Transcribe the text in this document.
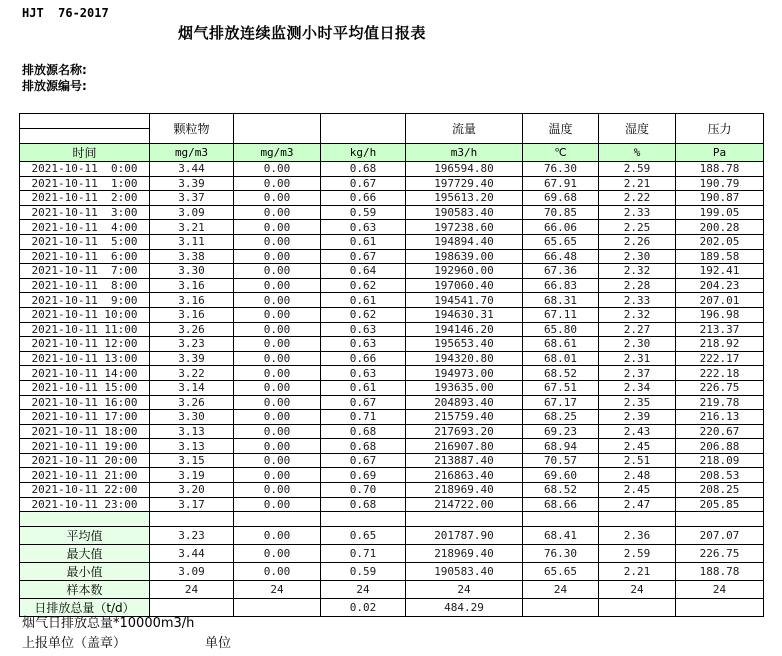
HJT  76-2017
烟气排放连续监测小时平均值日报表
排放源名称:
排放源编号:
	颗粒物			流量	温度	湿度	压力

时间	mg/m3	mg/m3	kg/h	m3/h	℃	%	Pa
2021-10-11  0:00	3.44	0.00	0.68	196594.80	76.30	2.59	188.78
2021-10-11  1:00	3.39	0.00	0.67	197729.40	67.91	2.21	190.79
2021-10-11  2:00	3.37	0.00	0.66	195613.20	69.68	2.22	190.87
2021-10-11  3:00	3.09	0.00	0.59	190583.40	70.85	2.33	199.05
2021-10-11  4:00	3.21	0.00	0.63	197238.60	66.06	2.25	200.28
2021-10-11  5:00	3.11	0.00	0.61	194894.40	65.65	2.26	202.05
2021-10-11  6:00	3.38	0.00	0.67	198639.00	66.48	2.30	189.58
2021-10-11  7:00	3.30	0.00	0.64	192960.00	67.36	2.32	192.41
2021-10-11  8:00	3.16	0.00	0.62	197060.40	66.83	2.28	204.23
2021-10-11  9:00	3.16	0.00	0.61	194541.70	68.31	2.33	207.01
2021-10-11 10:00	3.16	0.00	0.62	194630.31	67.11	2.32	196.98
2021-10-11 11:00	3.26	0.00	0.63	194146.20	65.80	2.27	213.37
2021-10-11 12:00	3.23	0.00	0.63	195653.40	68.61	2.30	218.92
2021-10-11 13:00	3.39	0.00	0.66	194320.80	68.01	2.31	222.17
2021-10-11 14:00	3.22	0.00	0.63	194973.00	68.52	2.37	222.18
2021-10-11 15:00	3.14	0.00	0.61	193635.00	67.51	2.34	226.75
2021-10-11 16:00	3.26	0.00	0.67	204893.40	67.17	2.35	219.78
2021-10-11 17:00	3.30	0.00	0.71	215759.40	68.25	2.39	216.13
2021-10-11 18:00	3.13	0.00	0.68	217693.20	69.23	2.43	220.67
2021-10-11 19:00	3.13	0.00	0.68	216907.80	68.94	2.45	206.88
2021-10-11 20:00	3.15	0.00	0.67	213887.40	70.57	2.51	218.09
2021-10-11 21:00	3.19	0.00	0.69	216863.40	69.60	2.48	208.53
2021-10-11 22:00	3.20	0.00	0.70	218969.40	68.52	2.45	208.25
2021-10-11 23:00	3.17	0.00	0.68	214722.00	68.66	2.47	205.85

平均值	3.23	0.00	0.65	201787.90	68.41	2.36	207.07
最大值	3.44	0.00	0.71	218969.40	76.30	2.59	226.75
最小值	3.09	0.00	0.59	190583.40	65.65	2.21	188.78
样本数	24	24	24	24	24	24	24
日排放总量（t/d）			0.02	484.29			
烟气日排放总量*10000m3/h
上报单位（盖章）	单位
